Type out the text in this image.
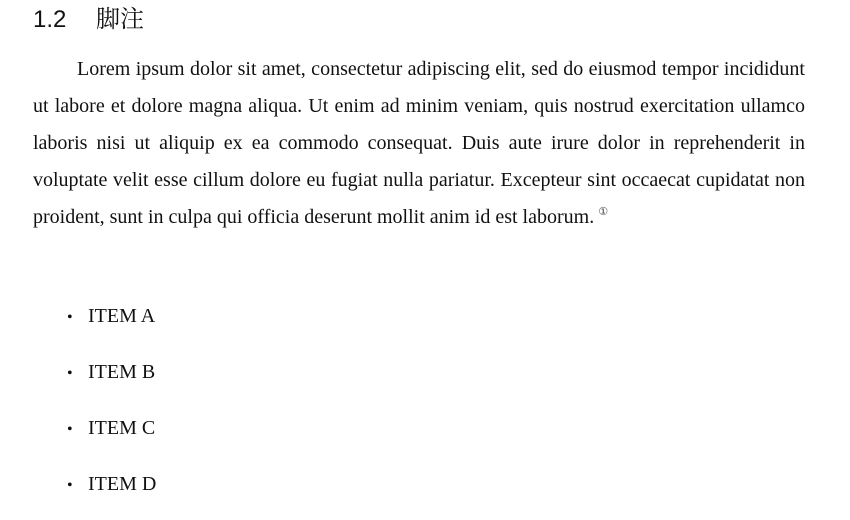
1.2 脚注

Lorem ipsum dolor sit amet, consectetur adipiscing elit, sed do eiusmod tempor incididunt ut labore et dolore magna aliqua. Ut enim ad minim veniam, quis nostrud exercitation ullamco laboris nisi ut aliquip ex ea commodo consequat. Duis aute irure dolor in reprehenderit in voluptate velit esse cillum dolore eu fugiat nulla pariatur. Excepteur sint occaecat cupidatat non proident, sunt in culpa qui officia deserunt mollit anim id est laborum. ①

• ITEM A
• ITEM B
• ITEM C
• ITEM D
